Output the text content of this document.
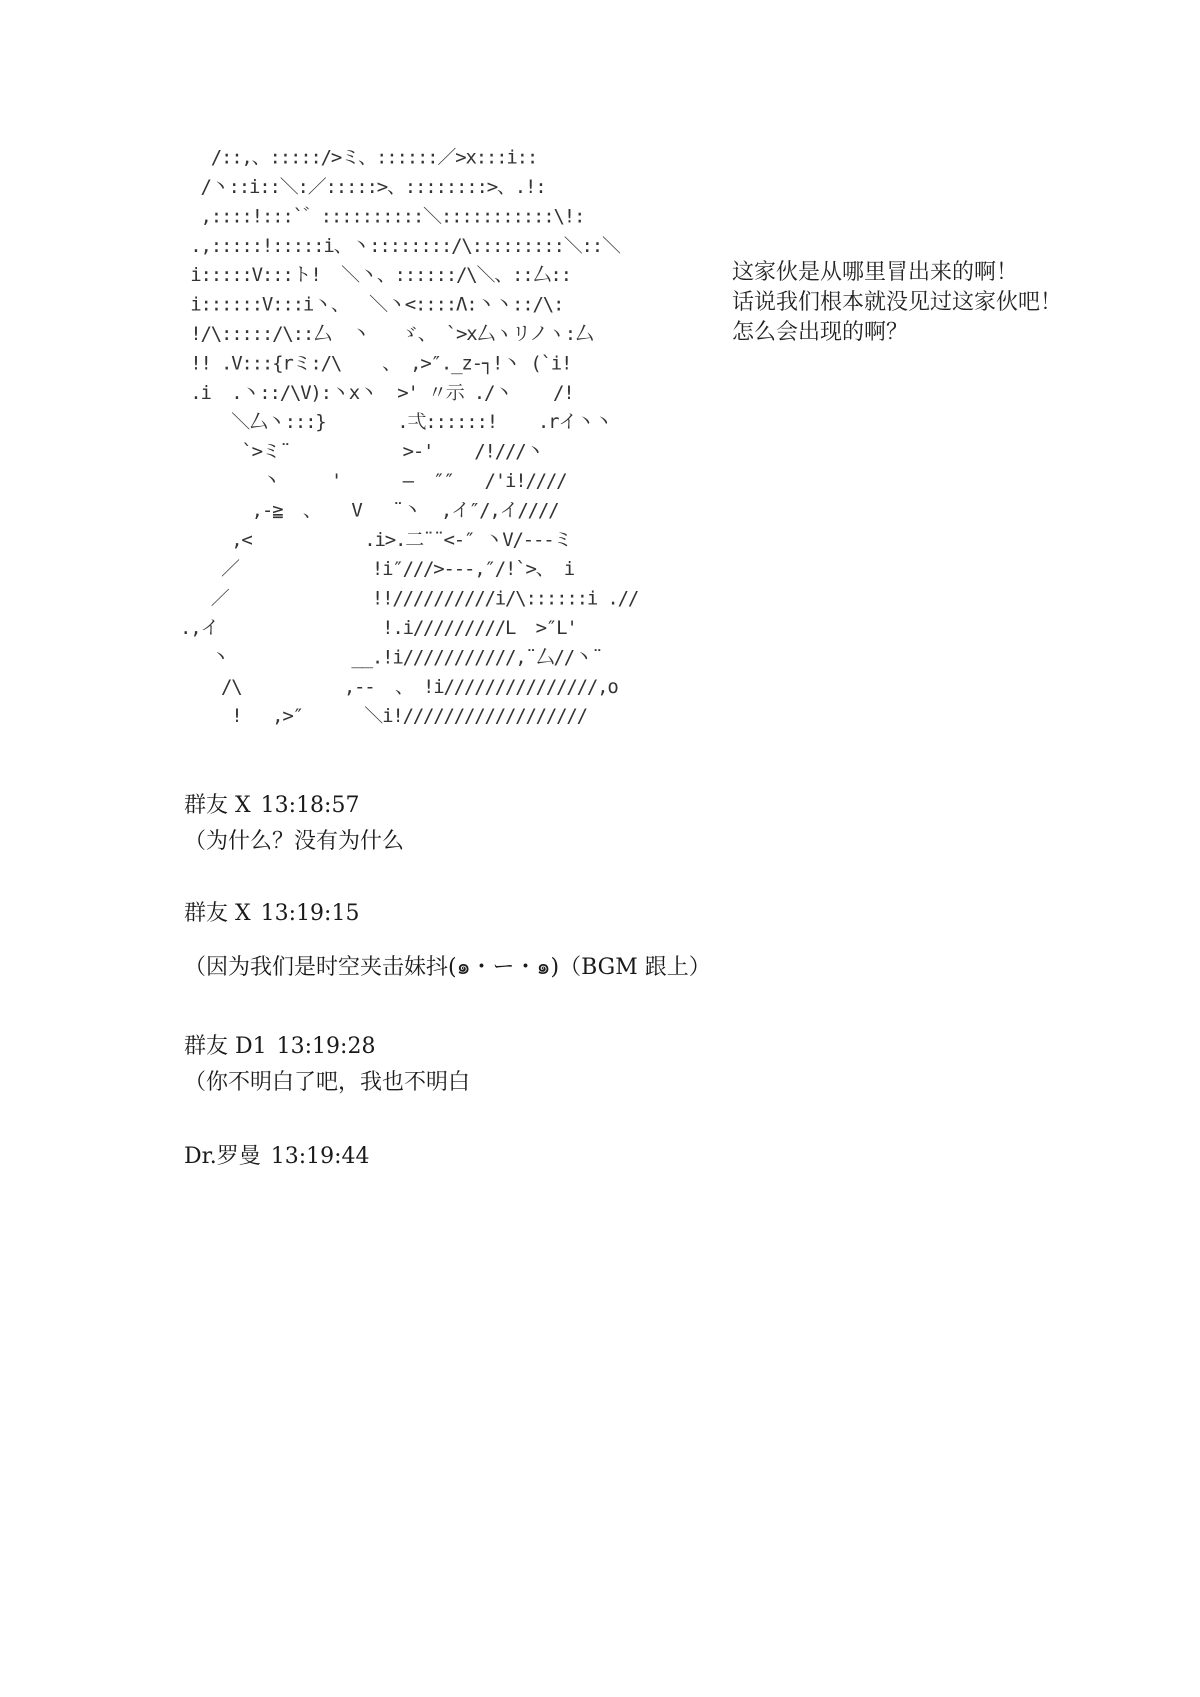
/::,、:::::/>ミ、::::::／>x:::i::
/丶::i::＼:／:::::>、::::::::>、.!:
,::::!:::`゛::::::::::＼:::::::::::\!:
.,:::::!:::::i、丶::::::::/\:::::::::＼::＼
i:::::V:::ト!  ＼丶、::::::/\＼、::厶::
i::::::V:::i丶、  ＼丶<::::Λ:丶丶::/\:
!/\:::::/\::厶  丶   ゞ、 `>x厶ヽリノヽ:厶
!! .V:::{rミ:/\    、 ,>″._z-┐!丶 (`i!
.i  .丶::/\V):丶x丶  >' 〃示 ./丶    /!
＼厶丶:::}       .弌::::::!    .rイ丶丶
`>ミ¨           >-'    /!///丶
丶     '      ―  ″″   /'i!////
,-≧  、   V   ¨丶  ,イ″/,イ////
,<           .i>.二¨¨<-″ 丶V/---ミ
／             !i″///>---,″/!`>、 i
／              !!//////////i/\::::::i .//
.,イ                !.i/////////L  >″L'
丶            __.!i///////////,¨厶//丶¨
/\          ,--  、 !i///////////////,o
!   ,>″      ＼i!//////////////////
这家伙是从哪里冒出来的啊！
话说我们根本就没见过这家伙吧！
怎么会出现的啊？
群友 X 13:18:57
（为什么？没有为什么
群友 X 13:19:15
（因为我们是时空夹击妹抖(๑・ー・๑)（BGM 跟上）
群友 D1 13:19:28
（你不明白了吧，我也不明白
Dr.罗曼 13:19:44
